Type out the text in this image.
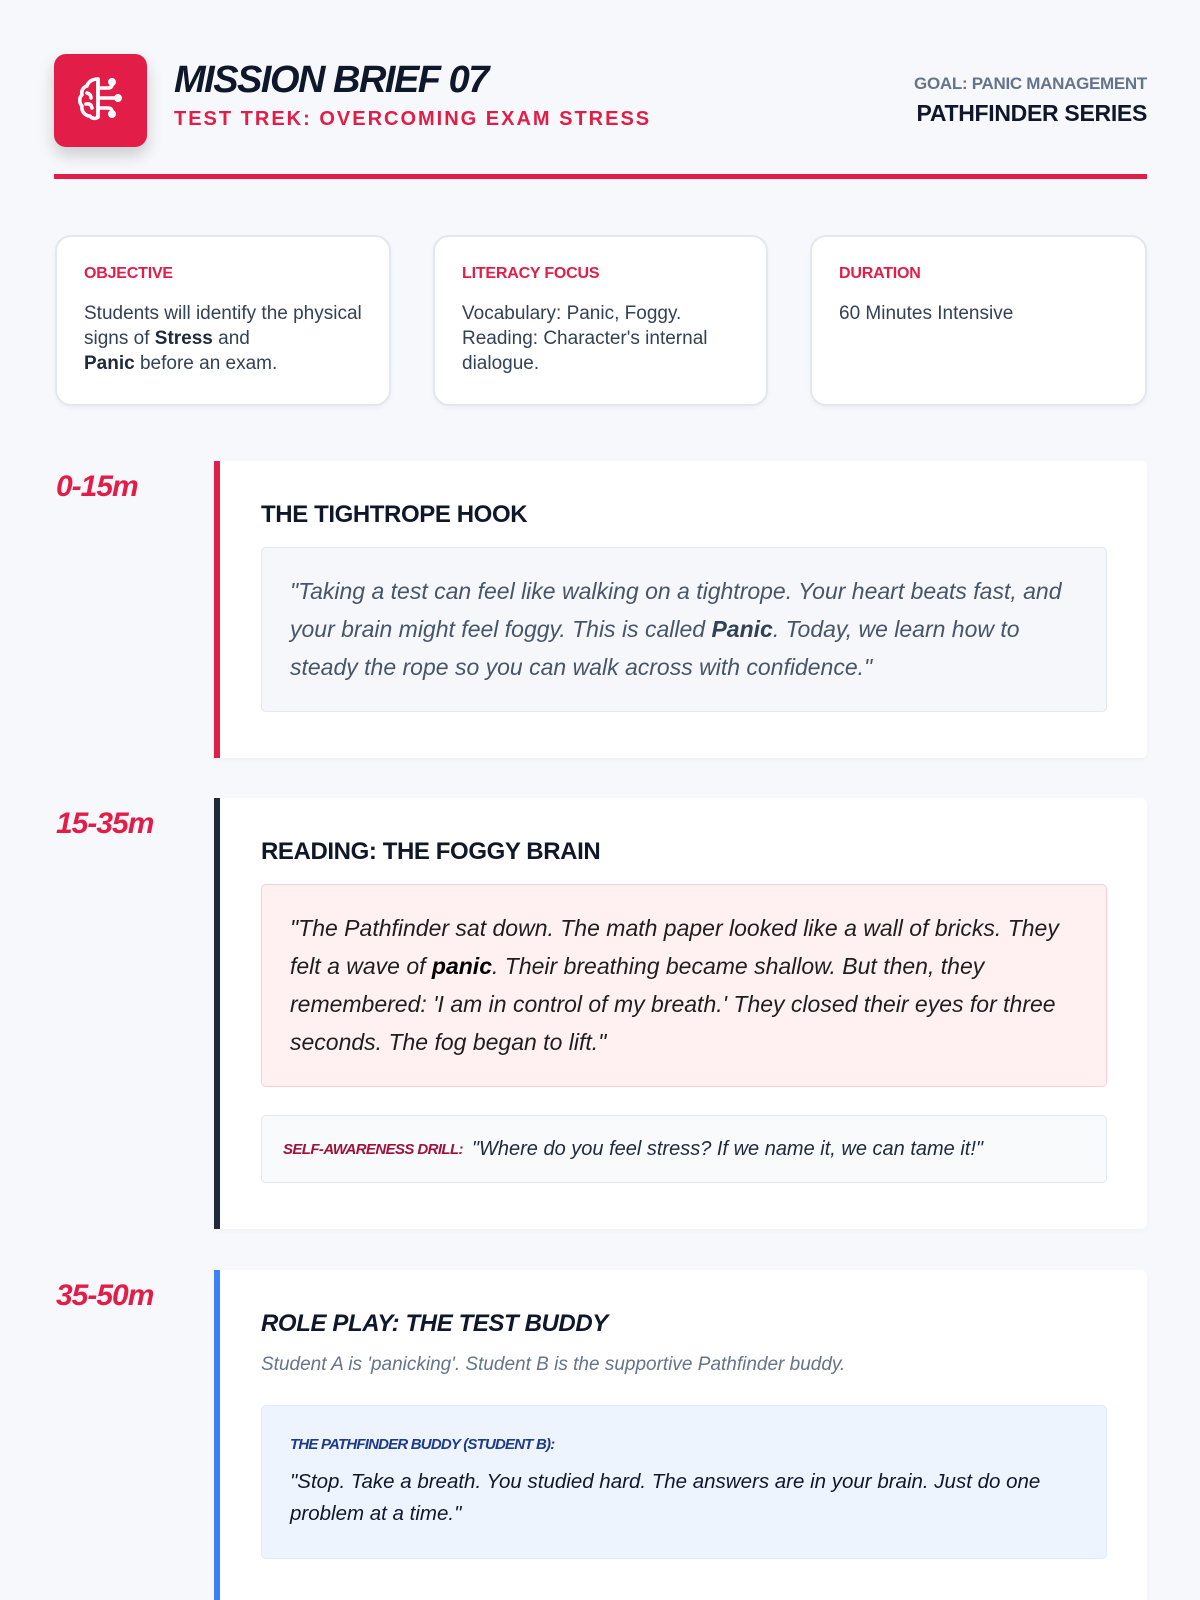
MISSION BRIEF 07
TEST TREK: OVERCOMING EXAM STRESS
GOAL: PANIC MANAGEMENT
PATHFINDER SERIES
OBJECTIVE
Students will identify the physical signs of Stress and
Panic before an exam.
LITERACY FOCUS
Vocabulary: Panic, Foggy.
Reading: Character's internal dialogue.
DURATION
60 Minutes Intensive
0-15m
THE TIGHTROPE HOOK
"Taking a test can feel like walking on a tightrope. Your heart beats fast, and your brain might feel foggy. This is called Panic. Today, we learn how to steady the rope so you can walk across with confidence."
15-35m
READING: THE FOGGY BRAIN
"The Pathfinder sat down. The math paper looked like a wall of bricks. They felt a wave of panic. Their breathing became shallow. But then, they remembered: 'I am in control of my breath.' They closed their eyes for three seconds. The fog began to lift."
SELF-AWARENESS DRILL: "Where do you feel stress? If we name it, we can tame it!"
35-50m
ROLE PLAY: THE TEST BUDDY
Student A is 'panicking'. Student B is the supportive Pathfinder buddy.
THE PATHFINDER BUDDY (STUDENT B):
"Stop. Take a breath. You studied hard. The answers are in your brain. Just do one problem at a time."
